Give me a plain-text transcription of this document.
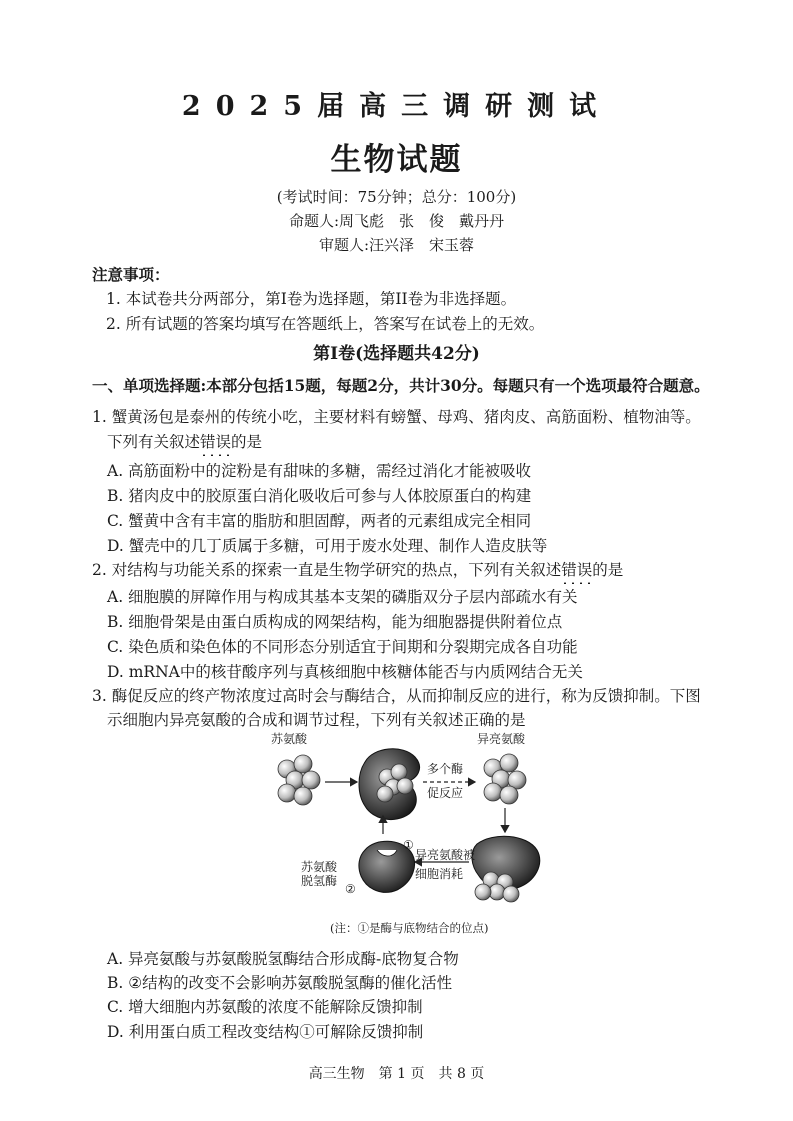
2025届高三调研测试
生物试题
(考试时间：75分钟；总分：100分)
命题人:周飞彪　张　俊　戴丹丹
审题人:汪兴泽　宋玉蓉
注意事项：
1. 本试卷共分两部分，第I卷为选择题，第II卷为非选择题。
2. 所有试题的答案均填写在答题纸上，答案写在试卷上的无效。
第I卷(选择题共42分)
一、单项选择题:本部分包括15题，每题2分，共计30分。每题只有一个选项最符合题意。
1. 蟹黄汤包是泰州的传统小吃，主要材料有螃蟹、母鸡、猪肉皮、高筋面粉、植物油等。
下列有关叙述错误的是
A. 高筋面粉中的淀粉是有甜味的多糖，需经过消化才能被吸收
B. 猪肉皮中的胶原蛋白消化吸收后可参与人体胶原蛋白的构建
C. 蟹黄中含有丰富的脂肪和胆固醇，两者的元素组成完全相同
D. 蟹壳中的几丁质属于多糖，可用于废水处理、制作人造皮肤等
2. 对结构与功能关系的探索一直是生物学研究的热点，下列有关叙述错误的是
A. 细胞膜的屏障作用与构成其基本支架的磷脂双分子层内部疏水有关
B. 细胞骨架是由蛋白质构成的网架结构，能为细胞器提供附着位点
C. 染色质和染色体的不同形态分别适宜于间期和分裂期完成各自功能
D. mRNA中的核苷酸序列与真核细胞中核糖体能否与内质网结合无关
3. 酶促反应的终产物浓度过高时会与酶结合，从而抑制反应的进行，称为反馈抑制。下图
示细胞内异亮氨酸的合成和调节过程，下列有关叙述正确的是
苏氨酸	异亮氨酸
多个酶
促反应
苏氨酸
脱氢酶
异亮氨酸被
细胞消耗
①
②
(注：①是酶与底物结合的位点)
A. 异亮氨酸与苏氨酸脱氢酶结合形成酶-底物复合物
B. ②结构的改变不会影响苏氨酸脱氢酶的催化活性
C. 增大细胞内苏氨酸的浓度不能解除反馈抑制
D. 利用蛋白质工程改变结构①可解除反馈抑制
高三生物　第 1 页　共 8 页
